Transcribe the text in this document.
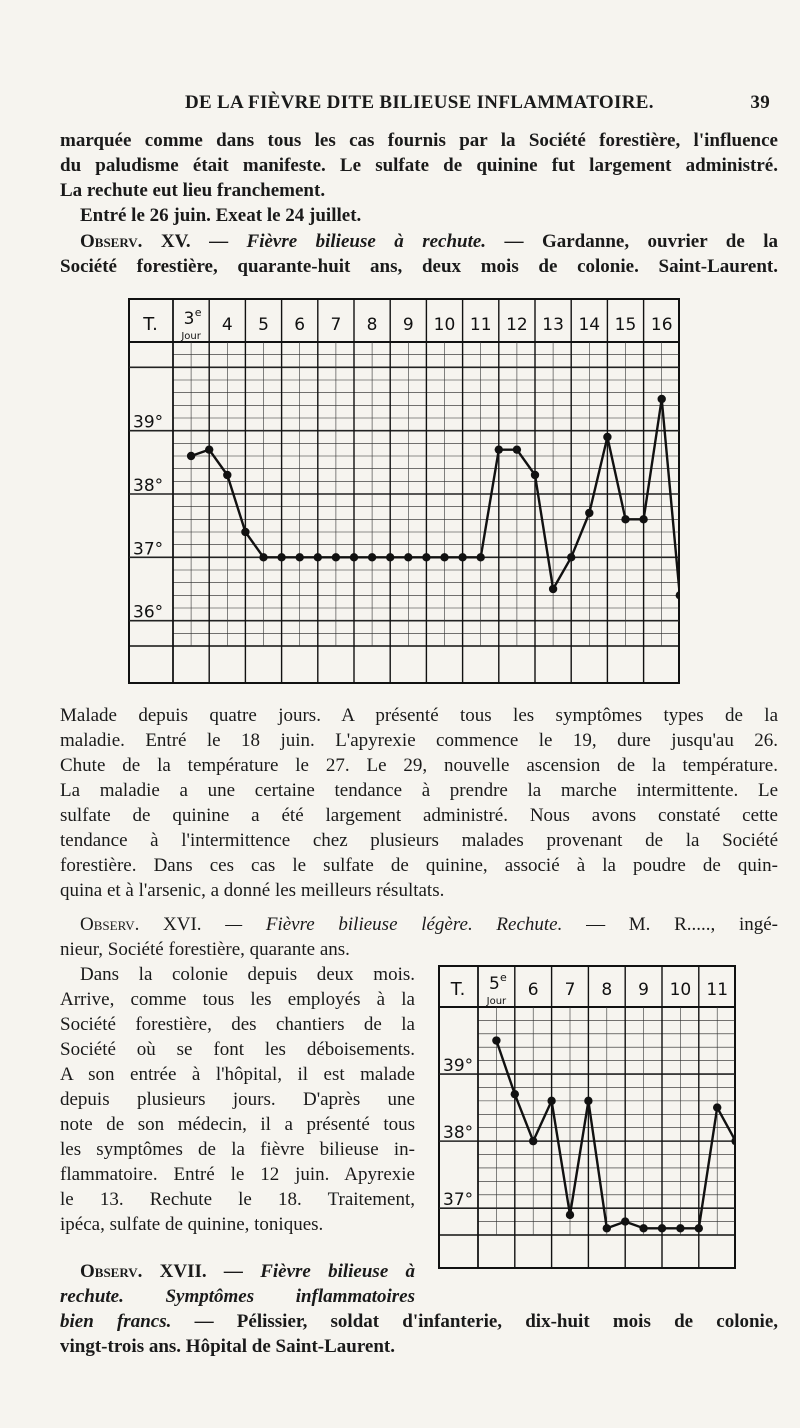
DE LA FIÈVRE DITE BILIEUSE INFLAMMATOIRE.	39
marquée comme dans tous les cas fournis par la Société forestière, l'influence
du paludisme était manifeste. Le sulfate de quinine fut largement administré.
La rechute eut lieu franchement.
Entré le 26 juin. Exeat le 24 juillet.
Observ. XV. — Fièvre bilieuse à rechute. — Gardanne, ouvrier de la
Société forestière, quarante-huit ans, deux mois de colonie. Saint-Laurent.
T. 3 e
Jour
4 5 6 7 8 9 10 11 12 13 14 15 16
39°
38°
37°
36°
Malade depuis quatre jours. A présenté tous les symptômes types de la
maladie. Entré le 18 juin. L'apyrexie commence le 19, dure jusqu'au 26.
Chute de la température le 27. Le 29, nouvelle ascension de la température.
La maladie a une certaine tendance à prendre la marche intermittente. Le
sulfate de quinine a été largement administré. Nous avons constaté cette
tendance à l'intermittence chez plusieurs malades provenant de la Société
forestière. Dans ces cas le sulfate de quinine, associé à la poudre de quin-
quina et à l'arsenic, a donné les meilleurs résultats.
Observ. XVI. — Fièvre bilieuse légère. Rechute. — M. R....., ingé-
nieur, Société forestière, quarante ans.
Dans la colonie depuis deux mois.
Arrive, comme tous les employés à la
Société forestière, des chantiers de la
Société où se font les déboisements.
A son entrée à l'hôpital, il est malade
depuis plusieurs jours. D'après une
note de son médecin, il a présenté tous
les symptômes de la fièvre bilieuse in-
flammatoire. Entré le 12 juin. Apyrexie
le 13. Rechute le 18. Traitement,
ipéca, sulfate de quinine, toniques.
T. 5 e
Jour
6 7 8 9 10 11
39°
38°
37°
Observ. XVII. — Fièvre bilieuse à
rechute. Symptômes inflammatoires
bien francs. — Pélissier, soldat d'infanterie, dix-huit mois de colonie,
vingt-trois ans. Hôpital de Saint-Laurent.
